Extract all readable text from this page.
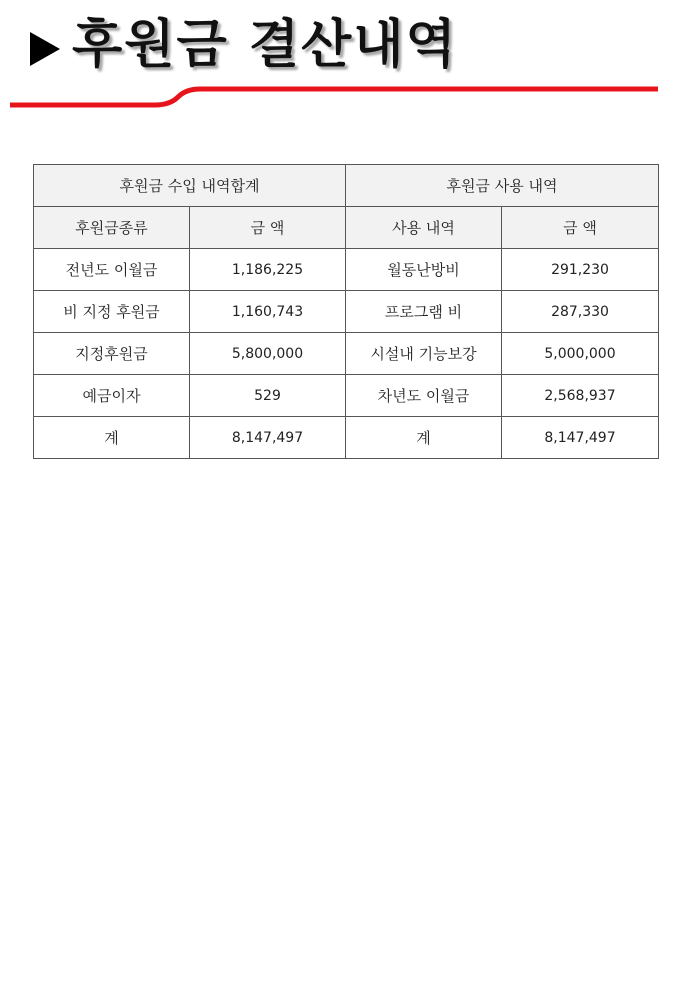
후원금 결산내역
후원금 수입 내역합계		후원금 사용 내역	
후원금종류	금 액	사용 내역	금 액
전년도 이월금	1,186,225	월동난방비	291,230
비 지정 후원금	1,160,743	프로그램 비	287,330
지정후원금	5,800,000	시설내 기능보강	5,000,000
예금이자	529	차년도 이월금	2,568,937
계	8,147,497	계	8,147,497
